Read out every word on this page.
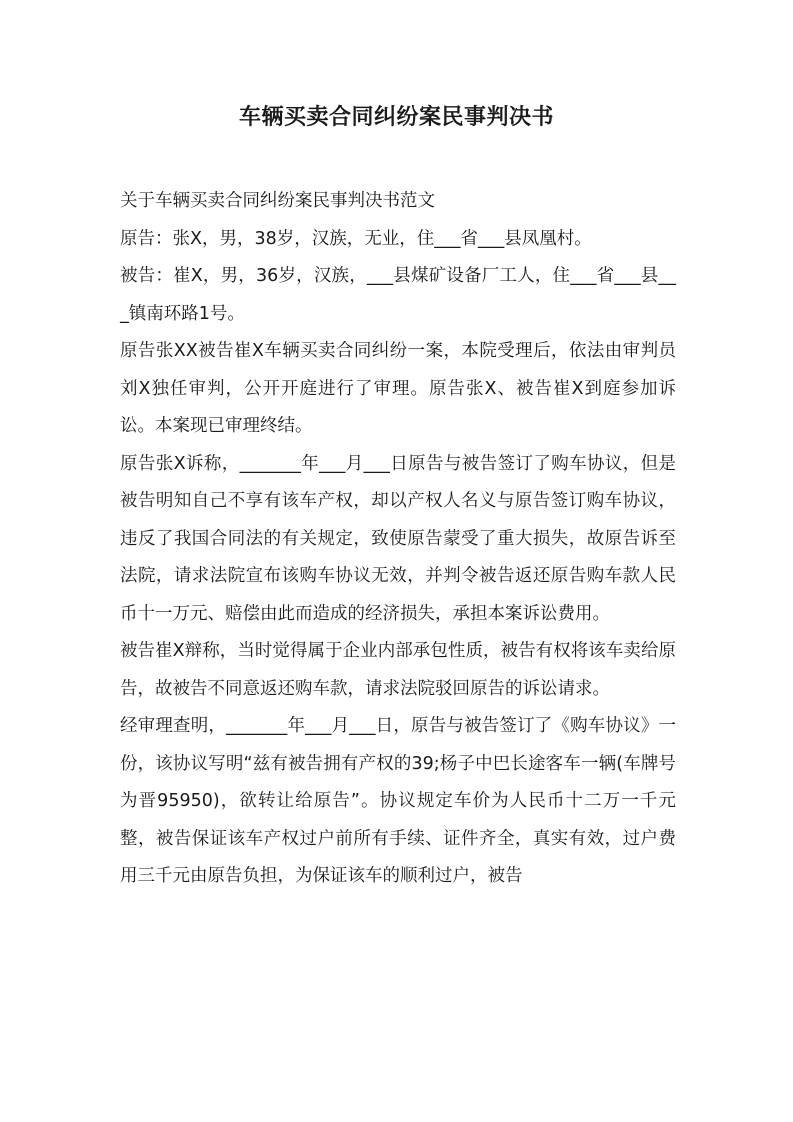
车辆买卖合同纠纷案民事判决书

关于车辆买卖合同纠纷案民事判决书范文

原告：张X，男，38岁，汉族，无业，住___省___县凤凰村。

被告：崔X，男，36岁，汉族，___县煤矿设备厂工人，住___省___县___镇南环路1号。

原告张XX被告崔X车辆买卖合同纠纷一案，本院受理后，依法由审判员刘X独任审判，公开开庭进行了审理。原告张X、被告崔X到庭参加诉讼。本案现已审理终结。

原告张X诉称，_______年___月___日原告与被告签订了购车协议，但是被告明知自己不享有该车产权，却以产权人名义与原告签订购车协议，违反了我国合同法的有关规定，致使原告蒙受了重大损失，故原告诉至法院，请求法院宣布该购车协议无效，并判令被告返还原告购车款人民币十一万元、赔偿由此而造成的经济损失，承担本案诉讼费用。

被告崔X辩称，当时觉得属于企业内部承包性质，被告有权将该车卖给原告，故被告不同意返还购车款，请求法院驳回原告的诉讼请求。

经审理查明，_______年___月___日，原告与被告签订了《购车协议》一份，该协议写明“兹有被告拥有产权的39;杨子中巴长途客车一辆(车牌号为晋95950)，欲转让给原告”。协议规定车价为人民币十二万一千元整，被告保证该车产权过户前所有手续、证件齐全，真实有效，过户费用三千元由原告负担，为保证该车的顺利过户，被告
